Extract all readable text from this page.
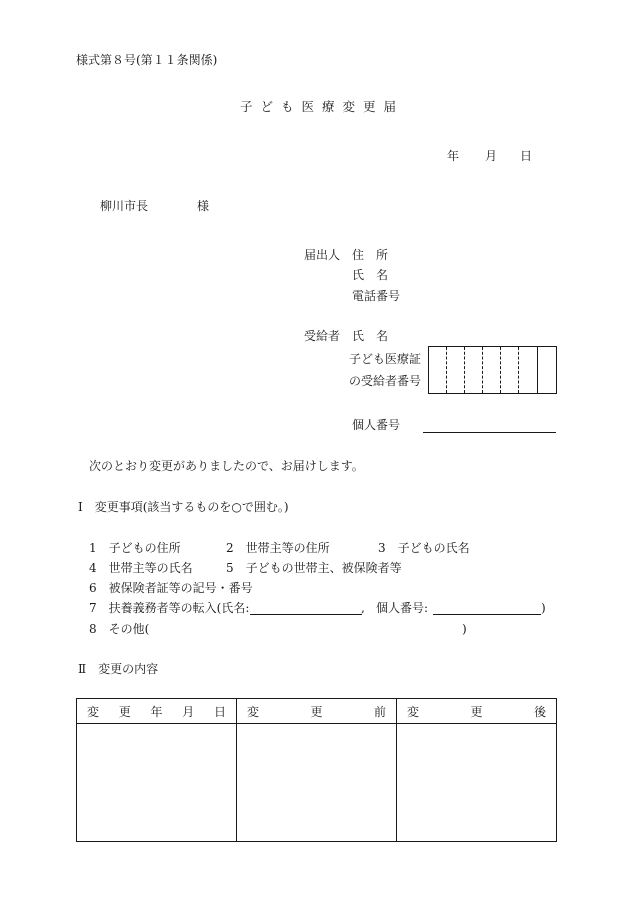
様式第８号(第１１条関係)
子ども医療変更届
年 月 日
柳川市長	様
届出人 住　所
氏　名
電話番号
受給者 氏　名
子ども医療証
の受給者番号
個人番号
次のとおり変更がありましたので、お届けします。
Ⅰ　変更事項(該当するものを○で囲む。)
1　子どもの住所	2　世帯主等の住所	3　子どもの氏名
4　世帯主等の氏名	5　子どもの世帯主、被保険者等
6　被保険者証等の記号・番号
7　扶養義務者等の転入(氏名:	, 個人番号:	)
8　その他(	)
Ⅱ　変更の内容
変 更 年 月 日	変 更 前	変 更 後
